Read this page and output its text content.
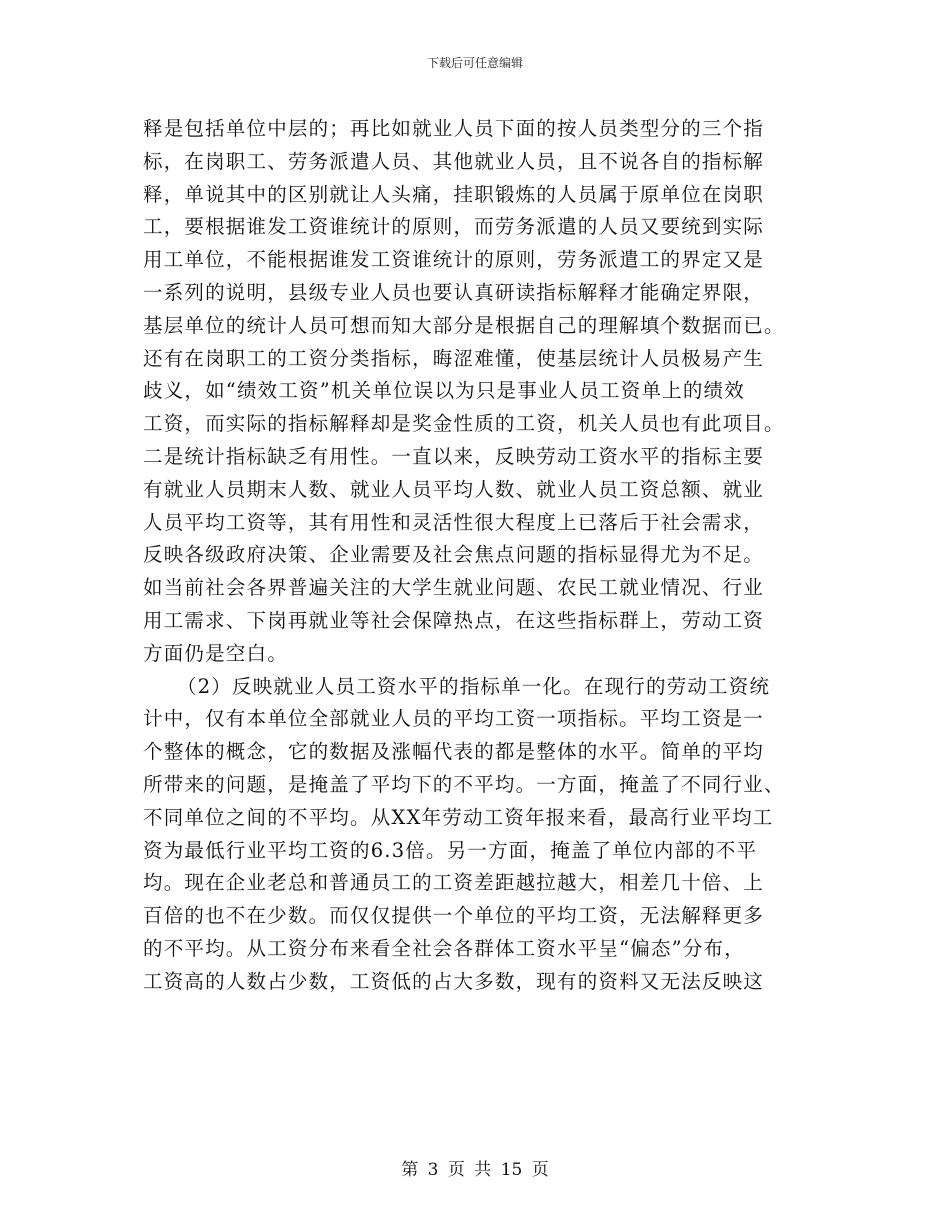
下载后可任意编辑
释是包括单位中层的；再比如就业人员下面的按人员类型分的三个指
标，在岗职工、劳务派遣人员、其他就业人员，且不说各自的指标解
释，单说其中的区别就让人头痛，挂职锻炼的人员属于原单位在岗职
工，要根据谁发工资谁统计的原则，而劳务派遣的人员又要统到实际
用工单位，不能根据谁发工资谁统计的原则，劳务派遣工的界定又是
一系列的说明，县级专业人员也要认真研读指标解释才能确定界限，
基层单位的统计人员可想而知大部分是根据自己的理解填个数据而已。
还有在岗职工的工资分类指标，晦涩难懂，使基层统计人员极易产生
歧义，如“绩效工资”机关单位误以为只是事业人员工资单上的绩效
工资，而实际的指标解释却是奖金性质的工资，机关人员也有此项目。
二是统计指标缺乏有用性。一直以来，反映劳动工资水平的指标主要
有就业人员期末人数、就业人员平均人数、就业人员工资总额、就业
人员平均工资等，其有用性和灵活性很大程度上已落后于社会需求，
反映各级政府决策、企业需要及社会焦点问题的指标显得尤为不足。
如当前社会各界普遍关注的大学生就业问题、农民工就业情况、行业
用工需求、下岗再就业等社会保障热点，在这些指标群上，劳动工资
方面仍是空白。
（2）反映就业人员工资水平的指标单一化。在现行的劳动工资统
计中，仅有本单位全部就业人员的平均工资一项指标。平均工资是一
个整体的概念，它的数据及涨幅代表的都是整体的水平。简单的平均
所带来的问题，是掩盖了平均下的不平均。一方面，掩盖了不同行业、
不同单位之间的不平均。从XX年劳动工资年报来看，最高行业平均工
资为最低行业平均工资的6.3倍。另一方面，掩盖了单位内部的不平
均。现在企业老总和普通员工的工资差距越拉越大，相差几十倍、上
百倍的也不在少数。而仅仅提供一个单位的平均工资，无法解释更多
的不平均。从工资分布来看全社会各群体工资水平呈“偏态”分布，
工资高的人数占少数，工资低的占大多数，现有的资料又无法反映这
第 3 页 共 15 页
